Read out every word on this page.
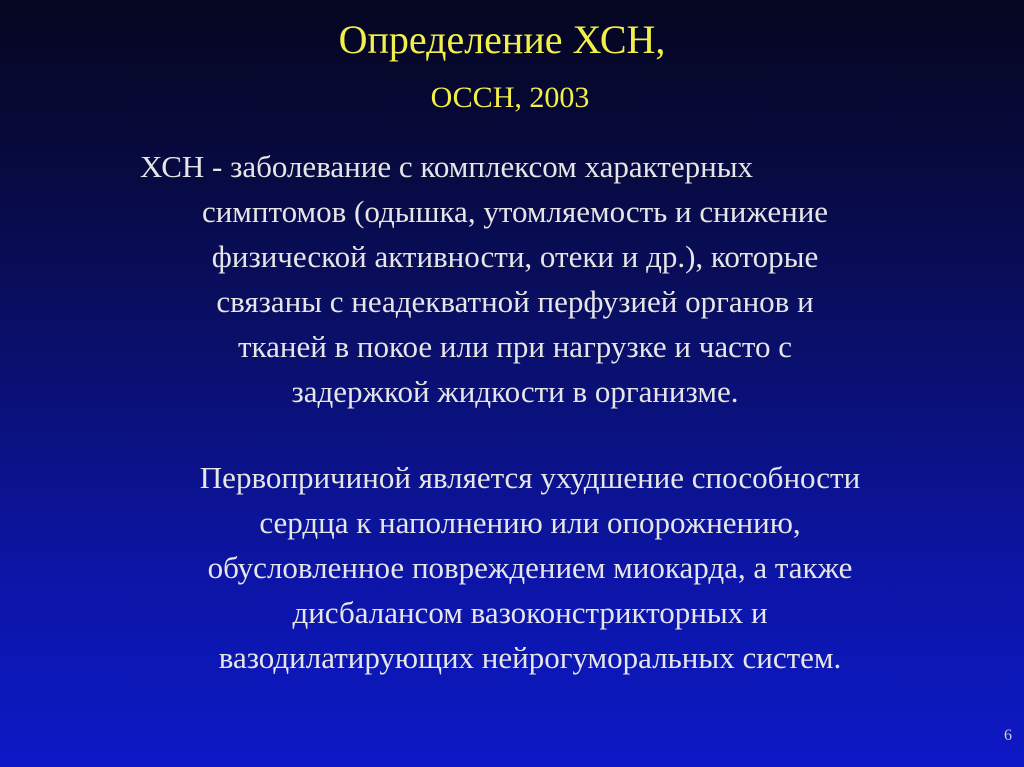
Определение ХСН,
ОССН, 2003

ХСН - заболевание с комплексом характерных
симптомов (одышка, утомляемость и снижение
физической активности, отеки и др.), которые
связаны с неадекватной перфузией органов и
тканей в покое или при нагрузке и часто с
задержкой жидкости в организме.

Первопричиной является ухудшение способности
сердца к наполнению или опорожнению,
обусловленное повреждением миокарда, а также
дисбалансом вазоконстрикторных и
вазодилатирующих нейрогуморальных систем.

6
